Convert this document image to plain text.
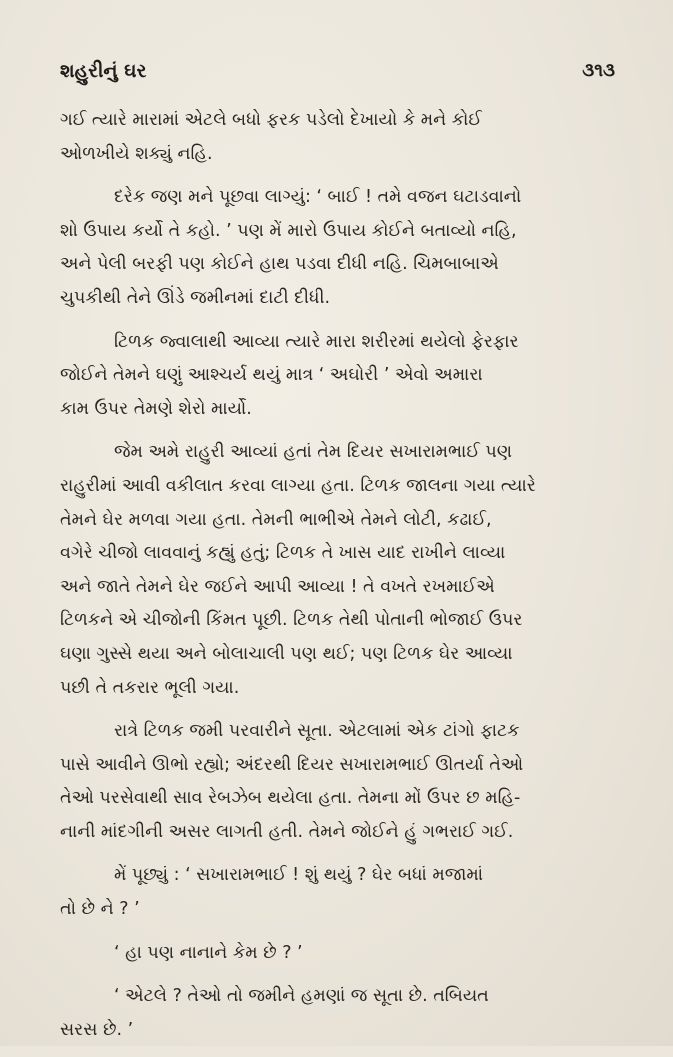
શહુરીનું ઘર	૩૧૩
ગઈ ત્યારે મારામાં એટલે બધો ફરક પડેલો દેખાયો કે મને કોઈ
ઓળખીયે શક્યું નહિ.
દરેક જણ મને પૂછવા લાગ્યું: ‘ બાઈ ! તમે વજન ઘટાડવાનો
શો ઉપાય કર્યો તે કહો. ’ પણ મેં મારો ઉપાય કોઈને બતાવ્યો નહિ,
અને પેલી બરફી પણ કોઈને હાથ પડવા દીધી નહિ. ચિમબાબાએ
ચુપકીથી તેને ઊંડે જમીનમાં દાટી દીધી.
ટિળક જ્વાલાથી આવ્યા ત્યારે મારા શરીરમાં થયેલો ફેરફાર
જોઈને તેમને ઘણું આશ્ચર્ય થયું માત્ર ‘ અઘોરી ’ એવો અમારા
કામ ઉપર તેમણે શેરો માર્યો.
જેમ અમે રાહુરી આવ્યાં હતાં તેમ દિયર સખારામભાઈ પણ
રાહુરીમાં આવી વકીલાત કરવા લાગ્યા હતા. ટિળક જાલના ગયા ત્યારે
તેમને ઘેર મળવા ગયા હતા. તેમની ભાભીએ તેમને લોટી, કઢાઈ,
વગેરે ચીજો લાવવાનું કહ્યું હતું; ટિળક તે ખાસ યાદ રાખીને લાવ્યા
અને જાતે તેમને ઘેર જઈને આપી આવ્યા ! તે વખતે રખમાઈએ
ટિળકને એ ચીજોની કિંમત પૂછી. ટિળક તેથી પોતાની ભોજાઈ ઉપર
ઘણા ગુસ્સે થયા અને બોલાચાલી પણ થઈ; પણ ટિળક ઘેર આવ્યા
પછી તે તકરાર ભૂલી ગયા.
રાત્રે ટિળક જમી પરવારીને સૂતા. એટલામાં એક ટાંગો ફાટક
પાસે આવીને ઊભો રહ્યો; અંદરથી દિયર સખારામભાઈ ઊતર્યા તેઓ
તેઓ પરસેવાથી સાવ રેબઝેબ થયેલા હતા. તેમના મોં ઉપર છ મહિ-
નાની માંદગીની અસર લાગતી હતી. તેમને જોઈને હું ગભરાઈ ગઈ.
મેં પૂછ્યું : ‘ સખારામભાઈ ! શું થયું ? ઘેર બધાં મજામાં
તો છે ને ? ’
‘ હા પણ નાનાને કેમ છે ? ’
‘ એટલે ? તેઓ તો જમીને હમણાં જ સૂતા છે. તબિયત
સરસ છે. ’
